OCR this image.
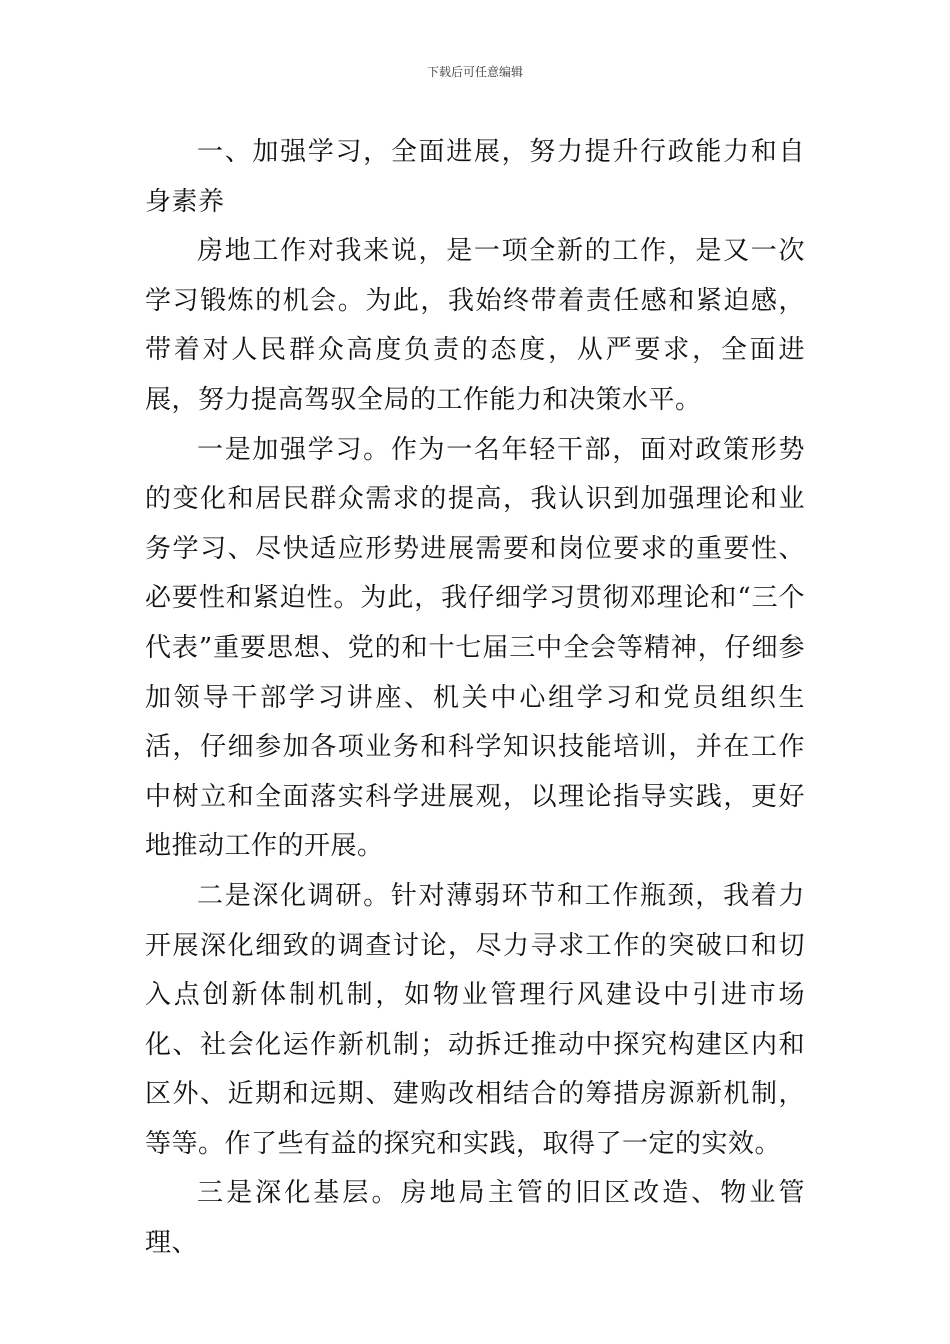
下载后可任意编辑

一、加强学习，全面进展，努力提升行政能力和自身素养

房地工作对我来说，是一项全新的工作，是又一次学习锻炼的机会。为此，我始终带着责任感和紧迫感，带着对人民群众高度负责的态度，从严要求，全面进展，努力提高驾驭全局的工作能力和决策水平。

一是加强学习。作为一名年轻干部，面对政策形势的变化和居民群众需求的提高，我认识到加强理论和业务学习、尽快适应形势进展需要和岗位要求的重要性、必要性和紧迫性。为此，我仔细学习贯彻邓理论和“三个代表”重要思想、党的和十七届三中全会等精神，仔细参加领导干部学习讲座、机关中心组学习和党员组织生活，仔细参加各项业务和科学知识技能培训，并在工作中树立和全面落实科学进展观，以理论指导实践，更好地推动工作的开展。

二是深化调研。针对薄弱环节和工作瓶颈，我着力开展深化细致的调查讨论，尽力寻求工作的突破口和切入点创新体制机制，如物业管理行风建设中引进市场化、社会化运作新机制；动拆迁推动中探究构建区内和区外、近期和远期、建购改相结合的筹措房源新机制，等等。作了些有益的探究和实践，取得了一定的实效。

三是深化基层。房地局主管的旧区改造、物业管理、
